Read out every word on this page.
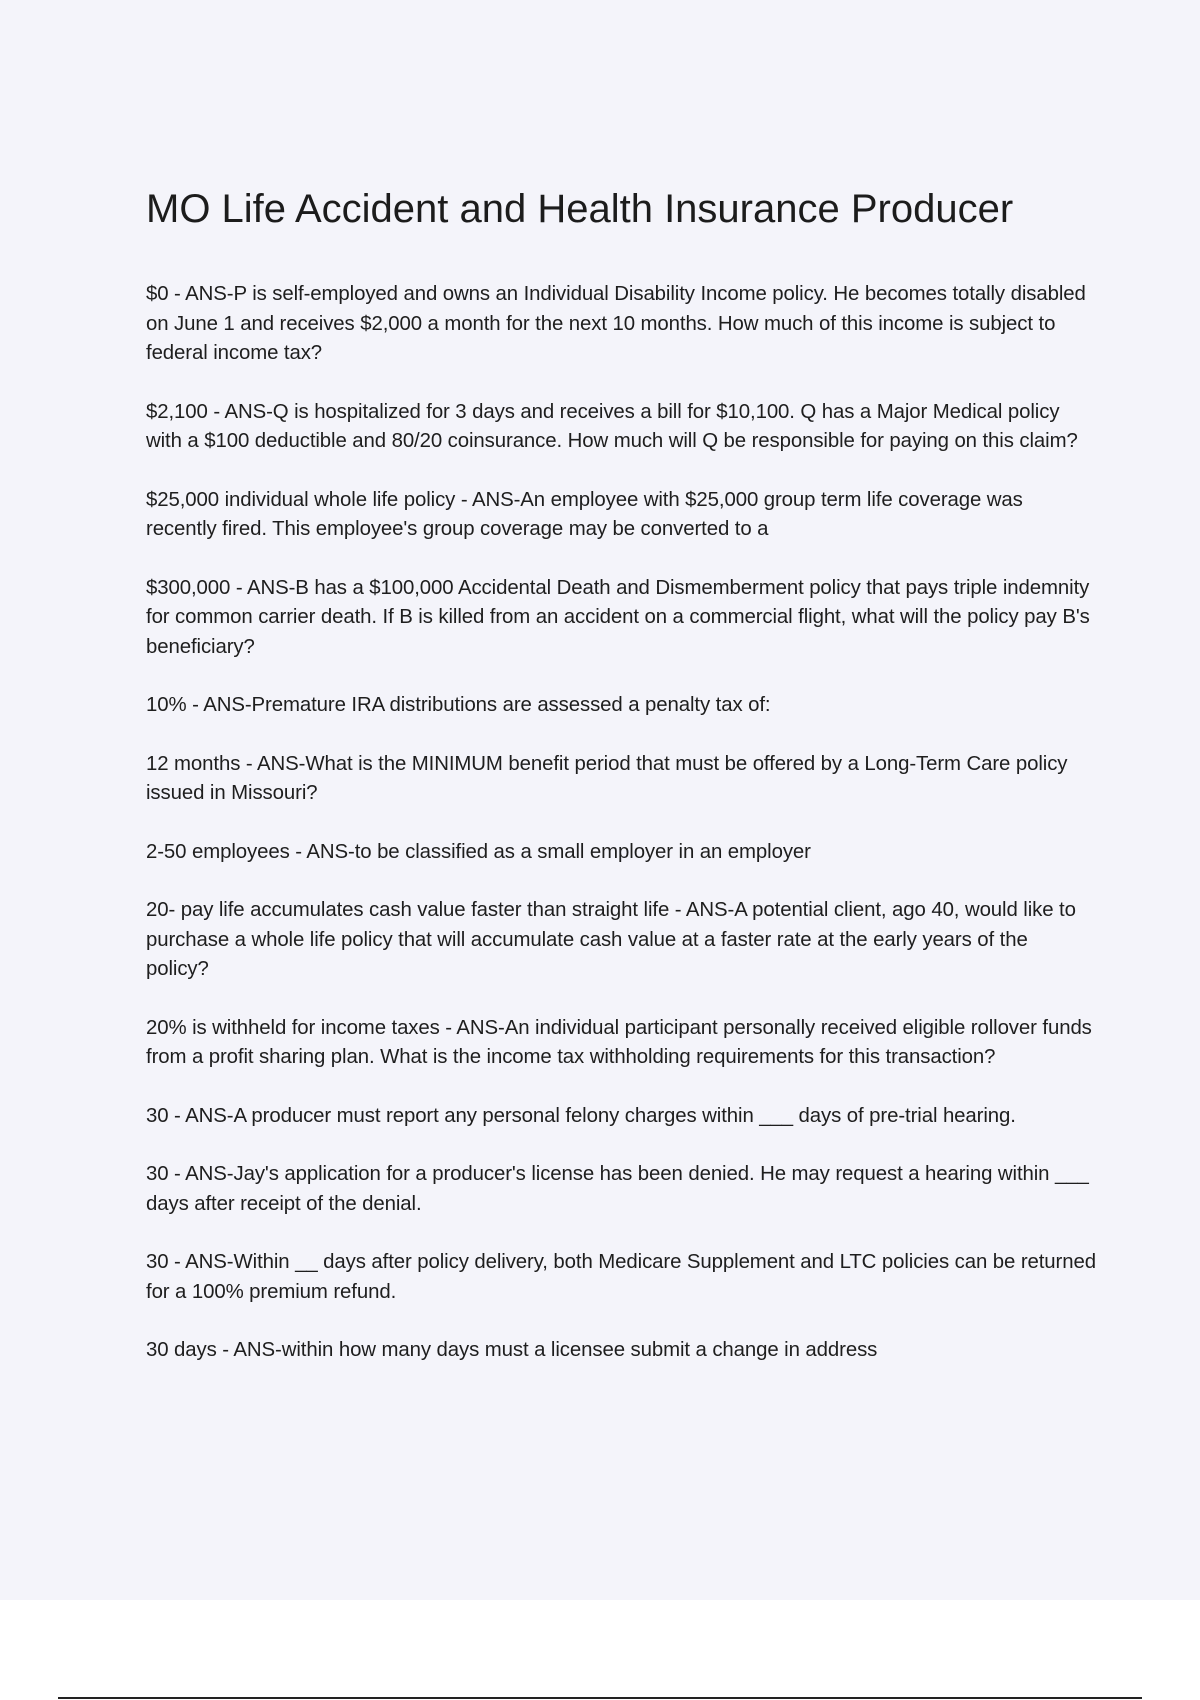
MO Life Accident and Health Insurance Producer
$0 - ANS-P is self-employed and owns an Individual Disability Income policy. He becomes totally disabled on June 1 and receives $2,000 a month for the next 10 months. How much of this income is subject to federal income tax?
$2,100 - ANS-Q is hospitalized for 3 days and receives a bill for $10,100. Q has a Major Medical policy with a $100 deductible and 80/20 coinsurance. How much will Q be responsible for paying on this claim?
$25,000 individual whole life policy - ANS-An employee with $25,000 group term life coverage was recently fired. This employee's group coverage may be converted to a
$300,000 - ANS-B has a $100,000 Accidental Death and Dismemberment policy that pays triple indemnity for common carrier death. If B is killed from an accident on a commercial flight, what will the policy pay B's beneficiary?
10% - ANS-Premature IRA distributions are assessed a penalty tax of:
12 months - ANS-What is the MINIMUM benefit period that must be offered by a Long-Term Care policy issued in Missouri?
2-50 employees - ANS-to be classified as a small employer in an employer
20- pay life accumulates cash value faster than straight life - ANS-A potential client, ago 40, would like to purchase a whole life policy that will accumulate cash value at a faster rate at the early years of the policy?
20% is withheld for income taxes - ANS-An individual participant personally received eligible rollover funds from a profit sharing plan. What is the income tax withholding requirements for this transaction?
30 - ANS-A producer must report any personal felony charges within ___ days of pre-trial hearing.
30 - ANS-Jay's application for a producer's license has been denied. He may request a hearing within ___ days after receipt of the denial.
30 - ANS-Within __ days after policy delivery, both Medicare Supplement and LTC policies can be returned for a 100% premium refund.
30 days - ANS-within how many days must a licensee submit a change in address
